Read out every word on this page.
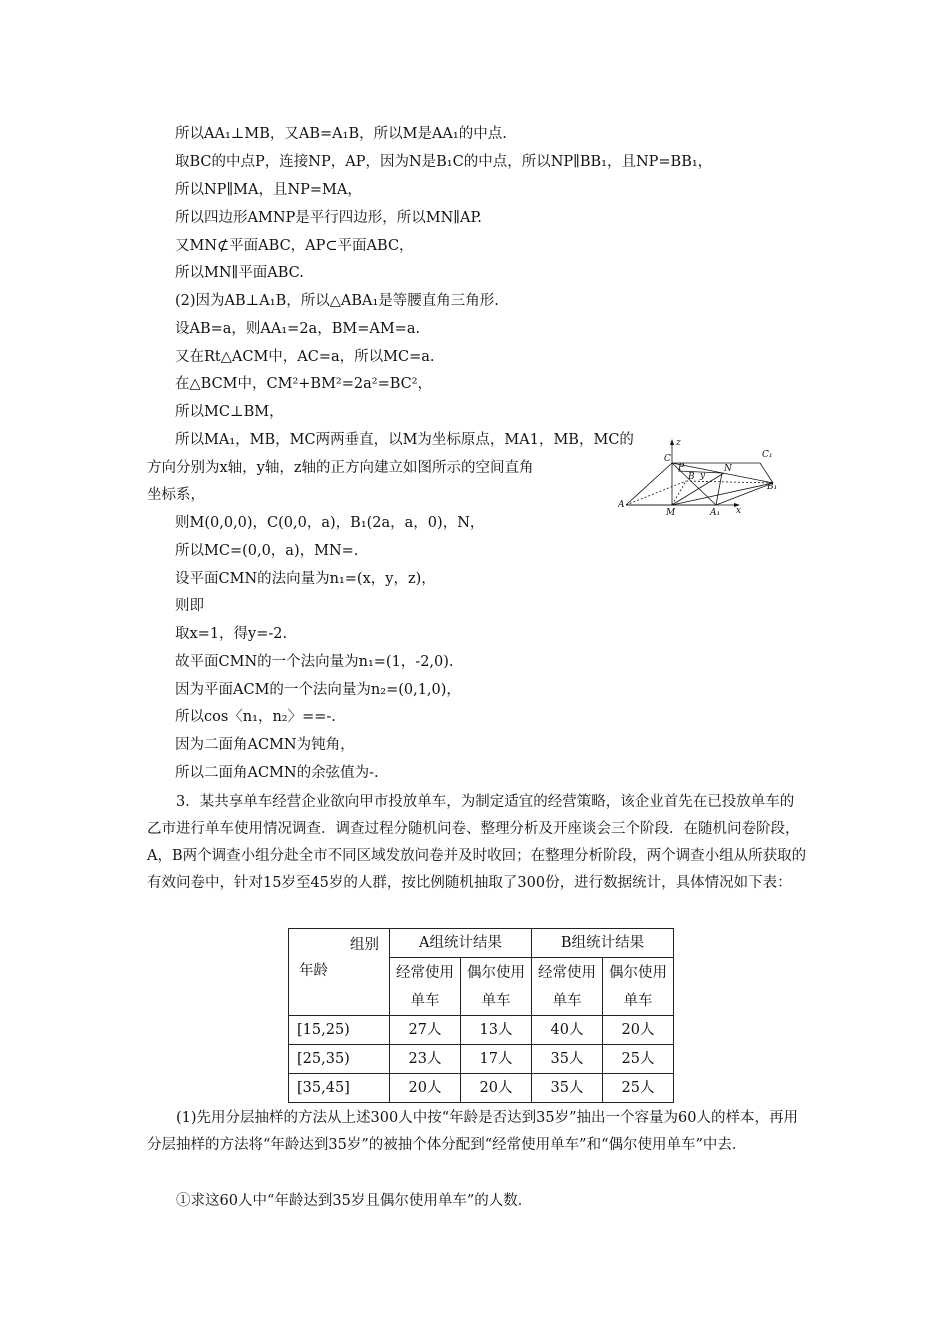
所以AA₁⊥MB，又AB=A₁B，所以M是AA₁的中点.
取BC的中点P，连接NP，AP，因为N是B₁C的中点，所以NP∥BB₁，且NP=BB₁，
所以NP∥MA，且NP=MA，
所以四边形AMNP是平行四边形，所以MN∥AP.
又MN⊄平面ABC，AP⊂平面ABC，
所以MN∥平面ABC.
(2)因为AB⊥A₁B，所以△ABA₁是等腰直角三角形.
设AB=a，则AA₁=2a，BM=AM=a.
又在Rt△ACM中，AC=a，所以MC=a.
在△BCM中，CM²+BM²=2a²=BC²，
所以MC⊥BM，
所以MA₁，MB，MC两两垂直，以M为坐标原点，MA1，MB，MC的
方向分别为x轴，y轴，z轴的正方向建立如图所示的空间直角
坐标系，
则M(0,0,0)，C(0,0，a)，B₁(2a，a，0)，N，
所以MC=(0,0，a)，MN=.
设平面CMN的法向量为n₁=(x，y，z)，
则即
取x=1，得y=-2.
故平面CMN的一个法向量为n₁=(1，-2,0).
因为平面ACM的一个法向量为n₂=(0,1,0)，
所以cos〈n₁，n₂〉==-.
因为二面角ACMN为钝角，
所以二面角ACMN的余弦值为-.
z
C	C₁
P	N
B y
B₁
A
M	A₁ x

3．某共享单车经营企业欲向甲市投放单车，为制定适宜的经营策略，该企业首先在已投放单车的乙市进行单车使用情况调查．调查过程分随机问卷、整理分析及开座谈会三个阶段．在随机问卷阶段，A，B两个调查小组分赴全市不同区域发放问卷并及时收回；在整理分析阶段，两个调查小组从所获取的有效问卷中，针对15岁至45岁的人群，按比例随机抽取了300份，进行数据统计，具体情况如下表：

组别
年龄	A组统计结果		B组统计结果	
	经常使用单车	偶尔使用单车	经常使用单车	偶尔使用单车
[15,25)	27人	13人	40人	20人
[25,35)	23人	17人	35人	25人
[35,45]	20人	20人	35人	25人

(1)先用分层抽样的方法从上述300人中按“年龄是否达到35岁”抽出一个容量为60人的样本，再用分层抽样的方法将“年龄达到35岁”的被抽个体分配到“经常使用单车”和“偶尔使用单车”中去．

①求这60人中“年龄达到35岁且偶尔使用单车”的人数．
